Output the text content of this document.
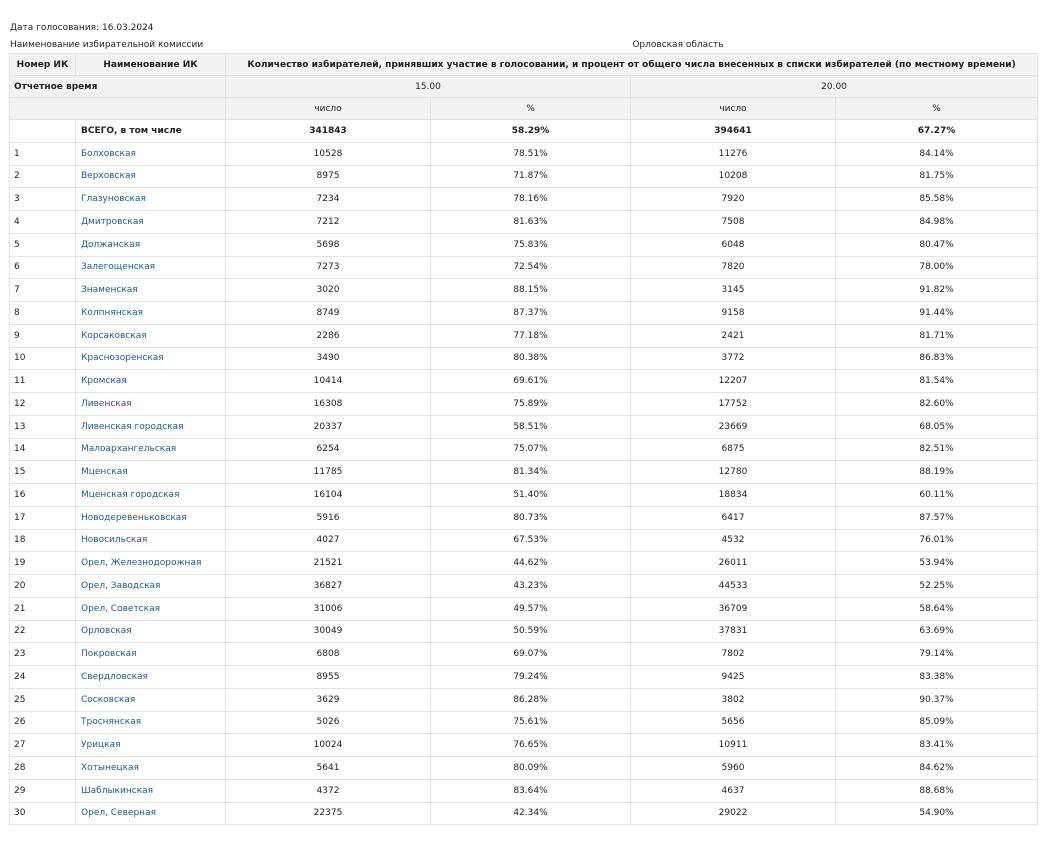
Дата голосования: 16.03.2024
Наименование избирательной комиссии	Орловская область
Номер ИК	Наименование ИК	Количество избирателей, принявших участие в голосовании, и процент от общего числа внесенных в списки избирателей (по местному времени)			
Отчетное время		15.00		20.00	
		число	%	число	%
	ВСЕГО, в том числе	341843	58.29%	394641	67.27%
1	Болховская	10528	78.51%	11276	84.14%
2	Верховская	8975	71.87%	10208	81.75%
3	Глазуновская	7234	78.16%	7920	85.58%
4	Дмитровская	7212	81.63%	7508	84.98%
5	Должанская	5698	75.83%	6048	80.47%
6	Залегощенская	7273	72.54%	7820	78.00%
7	Знаменская	3020	88.15%	3145	91.82%
8	Колпнянская	8749	87.37%	9158	91.44%
9	Корсаковская	2286	77.18%	2421	81.71%
10	Краснозоренская	3490	80.38%	3772	86.83%
11	Кромская	10414	69.61%	12207	81.54%
12	Ливенская	16308	75.89%	17752	82.60%
13	Ливенская городская	20337	58.51%	23669	68.05%
14	Малоархангельская	6254	75.07%	6875	82.51%
15	Мценская	11785	81.34%	12780	88.19%
16	Мценская городская	16104	51.40%	18834	60.11%
17	Новодеревеньковская	5916	80.73%	6417	87.57%
18	Новосильская	4027	67.53%	4532	76.01%
19	Орел, Железнодорожная	21521	44.62%	26011	53.94%
20	Орел, Заводская	36827	43.23%	44533	52.25%
21	Орел, Советская	31006	49.57%	36709	58.64%
22	Орловская	30049	50.59%	37831	63.69%
23	Покровская	6808	69.07%	7802	79.14%
24	Свердловская	8955	79.24%	9425	83.38%
25	Сосковская	3629	86.28%	3802	90.37%
26	Троснянская	5026	75.61%	5656	85.09%
27	Урицкая	10024	76.65%	10911	83.41%
28	Хотынецкая	5641	80.09%	5960	84.62%
29	Шаблыкинская	4372	83.64%	4637	88.68%
30	Орел, Северная	22375	42.34%	29022	54.90%
